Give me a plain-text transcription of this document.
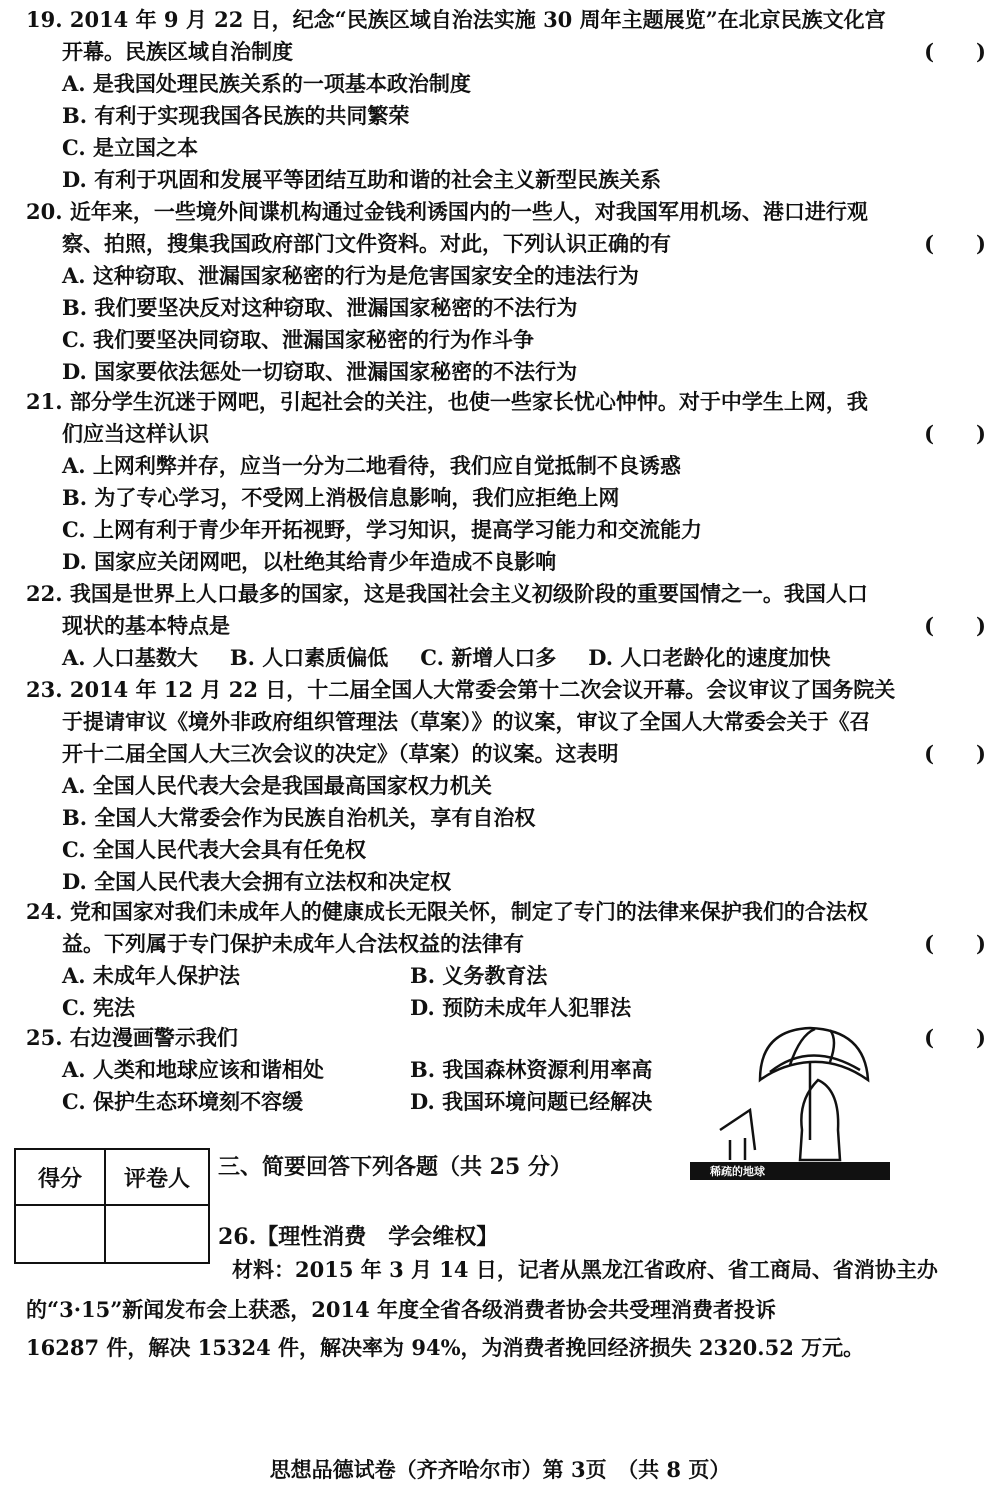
19. 2014 年 9 月 22 日，纪念“民族区域自治法实施 30 周年主题展览”在北京民族文化宫
开幕。民族区域自治制度	(　　)
A. 是我国处理民族关系的一项基本政治制度
B. 有利于实现我国各民族的共同繁荣
C. 是立国之本
D. 有利于巩固和发展平等团结互助和谐的社会主义新型民族关系
20. 近年来，一些境外间谍机构通过金钱利诱国内的一些人，对我国军用机场、港口进行观
察、拍照，搜集我国政府部门文件资料。对此，下列认识正确的有	(　　)
A. 这种窃取、泄漏国家秘密的行为是危害国家安全的违法行为
B. 我们要坚决反对这种窃取、泄漏国家秘密的不法行为
C. 我们要坚决同窃取、泄漏国家秘密的行为作斗争
D. 国家要依法惩处一切窃取、泄漏国家秘密的不法行为
21. 部分学生沉迷于网吧，引起社会的关注，也使一些家长忧心忡忡。对于中学生上网，我
们应当这样认识	(　　)
A. 上网利弊并存，应当一分为二地看待，我们应自觉抵制不良诱惑
B. 为了专心学习，不受网上消极信息影响，我们应拒绝上网
C. 上网有利于青少年开拓视野，学习知识，提高学习能力和交流能力
D. 国家应关闭网吧，以杜绝其给青少年造成不良影响
22. 我国是世界上人口最多的国家，这是我国社会主义初级阶段的重要国情之一。我国人口
现状的基本特点是	(　　)
A. 人口基数大 B. 人口素质偏低 C. 新增人口多 D. 人口老龄化的速度加快
23. 2014 年 12 月 22 日，十二届全国人大常委会第十二次会议开幕。会议审议了国务院关
于提请审议《境外非政府组织管理法（草案）》的议案，审议了全国人大常委会关于《召
开十二届全国人大三次会议的决定》（草案）的议案。这表明	(　　)
A. 全国人民代表大会是我国最高国家权力机关
B. 全国人大常委会作为民族自治机关，享有自治权
C. 全国人民代表大会具有任免权
D. 全国人民代表大会拥有立法权和决定权
24. 党和国家对我们未成年人的健康成长无限关怀，制定了专门的法律来保护我们的合法权
益。下列属于专门保护未成年人合法权益的法律有	(　　)
A. 未成年人保护法	B. 义务教育法
C. 宪法	D. 预防未成年人犯罪法
25. 右边漫画警示我们	(　　)
A. 人类和地球应该和谐相处	B. 我国森林资源利用率高
C. 保护生态环境刻不容缓	D. 我国环境问题已经解决
稀疏的地球
得分	评卷人
	三、简要回答下列各题（共 25 分）
26.【理性消费　学会维权】
材料：2015 年 3 月 14 日，记者从黑龙江省政府、省工商局、省消协主办
的“3·15”新闻发布会上获悉，2014 年度全省各级消费者协会共受理消费者投诉
16287 件，解决 15324 件，解决率为 94%，为消费者挽回经济损失 2320.52 万元。
思想品德试卷（齐齐哈尔市）第 3页　（共 8 页）
